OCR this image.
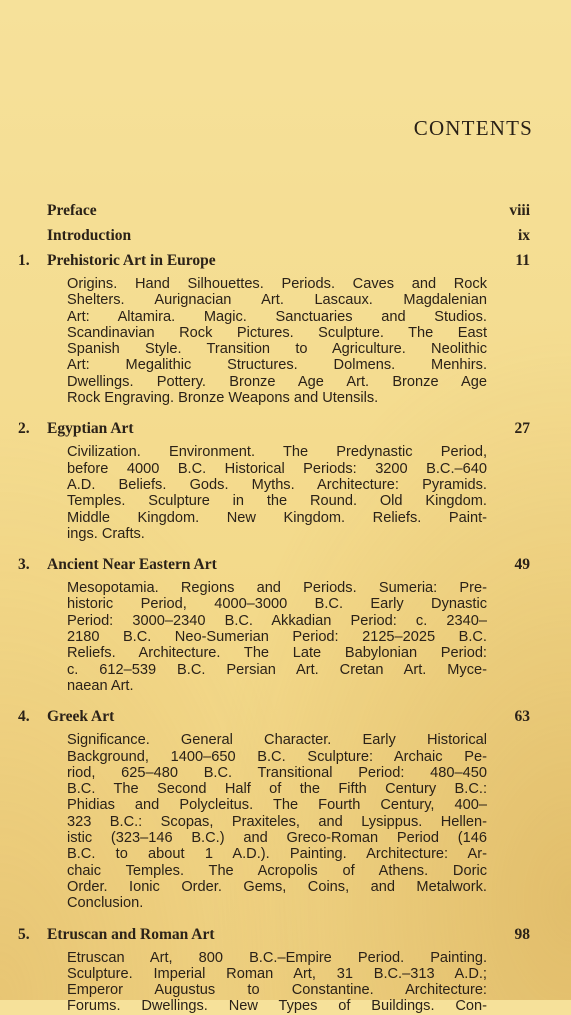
CONTENTS
Preface	viii
Introduction	ix
1.	Prehistoric Art in Europe	11
Origins. Hand Silhouettes. Periods. Caves and Rock
Shelters. Aurignacian Art. Lascaux. Magdalenian
Art: Altamira. Magic. Sanctuaries and Studios.
Scandinavian Rock Pictures. Sculpture. The East
Spanish Style. Transition to Agriculture. Neolithic
Art: Megalithic Structures. Dolmens. Menhirs.
Dwellings. Pottery. Bronze Age Art. Bronze Age
Rock Engraving. Bronze Weapons and Utensils.
2.	Egyptian Art	27
Civilization. Environment. The Predynastic Period,
before 4000 B.C. Historical Periods: 3200 B.C.–640
A.D. Beliefs. Gods. Myths. Architecture: Pyramids.
Temples. Sculpture in the Round. Old Kingdom.
Middle Kingdom. New Kingdom. Reliefs. Paint-
ings. Crafts.
3.	Ancient Near Eastern Art	49
Mesopotamia. Regions and Periods. Sumeria: Pre-
historic Period, 4000–3000 B.C. Early Dynastic
Period: 3000–2340 B.C. Akkadian Period: c. 2340–
2180 B.C. Neo-Sumerian Period: 2125–2025 B.C.
Reliefs. Architecture. The Late Babylonian Period:
c. 612–539 B.C. Persian Art. Cretan Art. Myce-
naean Art.
4.	Greek Art	63
Significance. General Character. Early Historical
Background, 1400–650 B.C. Sculpture: Archaic Pe-
riod, 625–480 B.C. Transitional Period: 480–450
B.C. The Second Half of the Fifth Century B.C.:
Phidias and Polycleitus. The Fourth Century, 400–
323 B.C.: Scopas, Praxiteles, and Lysippus. Hellen-
istic (323–146 B.C.) and Greco-Roman Period (146
B.C. to about 1 A.D.). Painting. Architecture: Ar-
chaic Temples. The Acropolis of Athens. Doric
Order. Ionic Order. Gems, Coins, and Metalwork.
Conclusion.
5.	Etruscan and Roman Art	98
Etruscan Art, 800 B.C.–Empire Period. Painting.
Sculpture. Imperial Roman Art, 31 B.C.–313 A.D.;
Emperor Augustus to Constantine. Architecture:
Forums. Dwellings. New Types of Buildings. Con-
